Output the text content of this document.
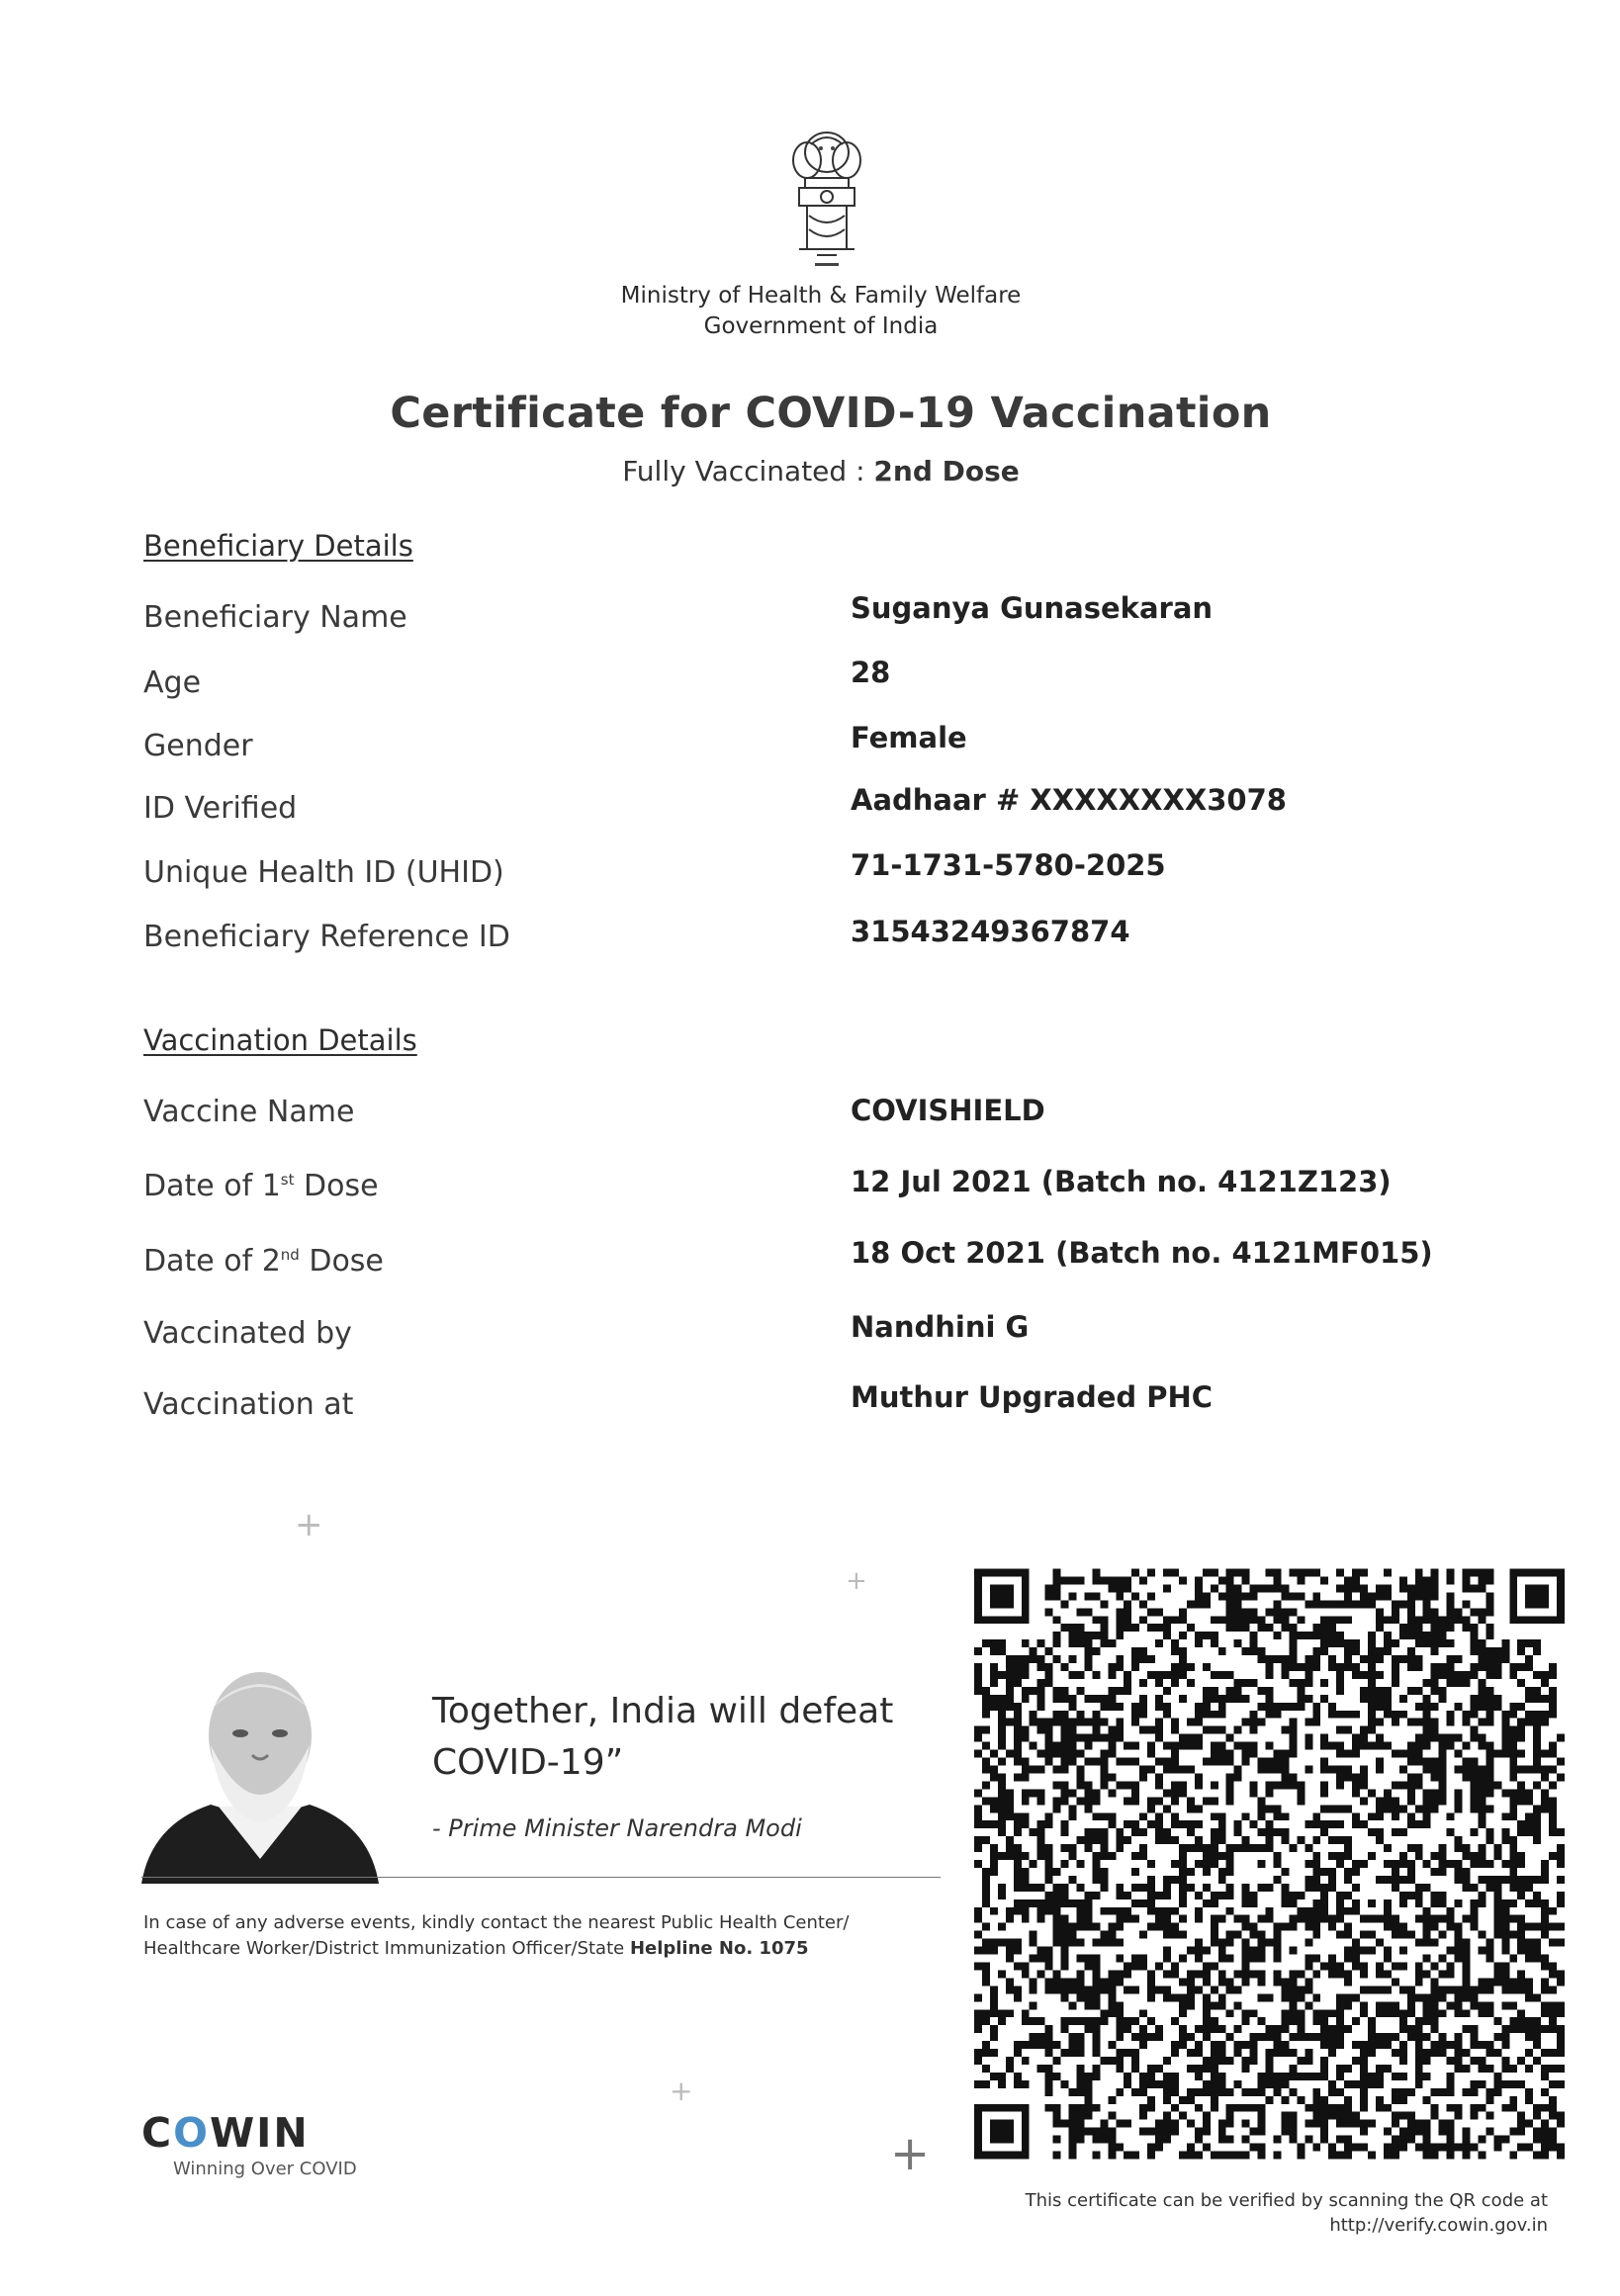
Ministry of Health & Family Welfare
Government of India
Certificate for COVID-19 Vaccination
Fully Vaccinated : 2nd Dose
Beneficiary Details
Beneficiary Name	Suganya Gunasekaran
Age	28
Gender	Female
ID Verified	Aadhaar # XXXXXXXX3078
Unique Health ID (UHID)	71-1731-5780-2025
Beneficiary Reference ID	31543249367874
Vaccination Details
Vaccine Name	COVISHIELD
Date of 1st Dose	12 Jul 2021 (Batch no. 4121Z123)
Date of 2nd Dose	18 Oct 2021 (Batch no. 4121MF015)
Vaccinated by	Nandhini G
Vaccination at	Muthur Upgraded PHC
+
+
+
+
Together, India will defeat
COVID-19”
- Prime Minister Narendra Modi
In case of any adverse events, kindly contact the nearest Public Health Center/ Healthcare Worker/District Immunization Officer/State Helpline No. 1075
COWIN
Winning Over COVID
This certificate can be verified by scanning the QR code at
http://verify.cowin.gov.in
